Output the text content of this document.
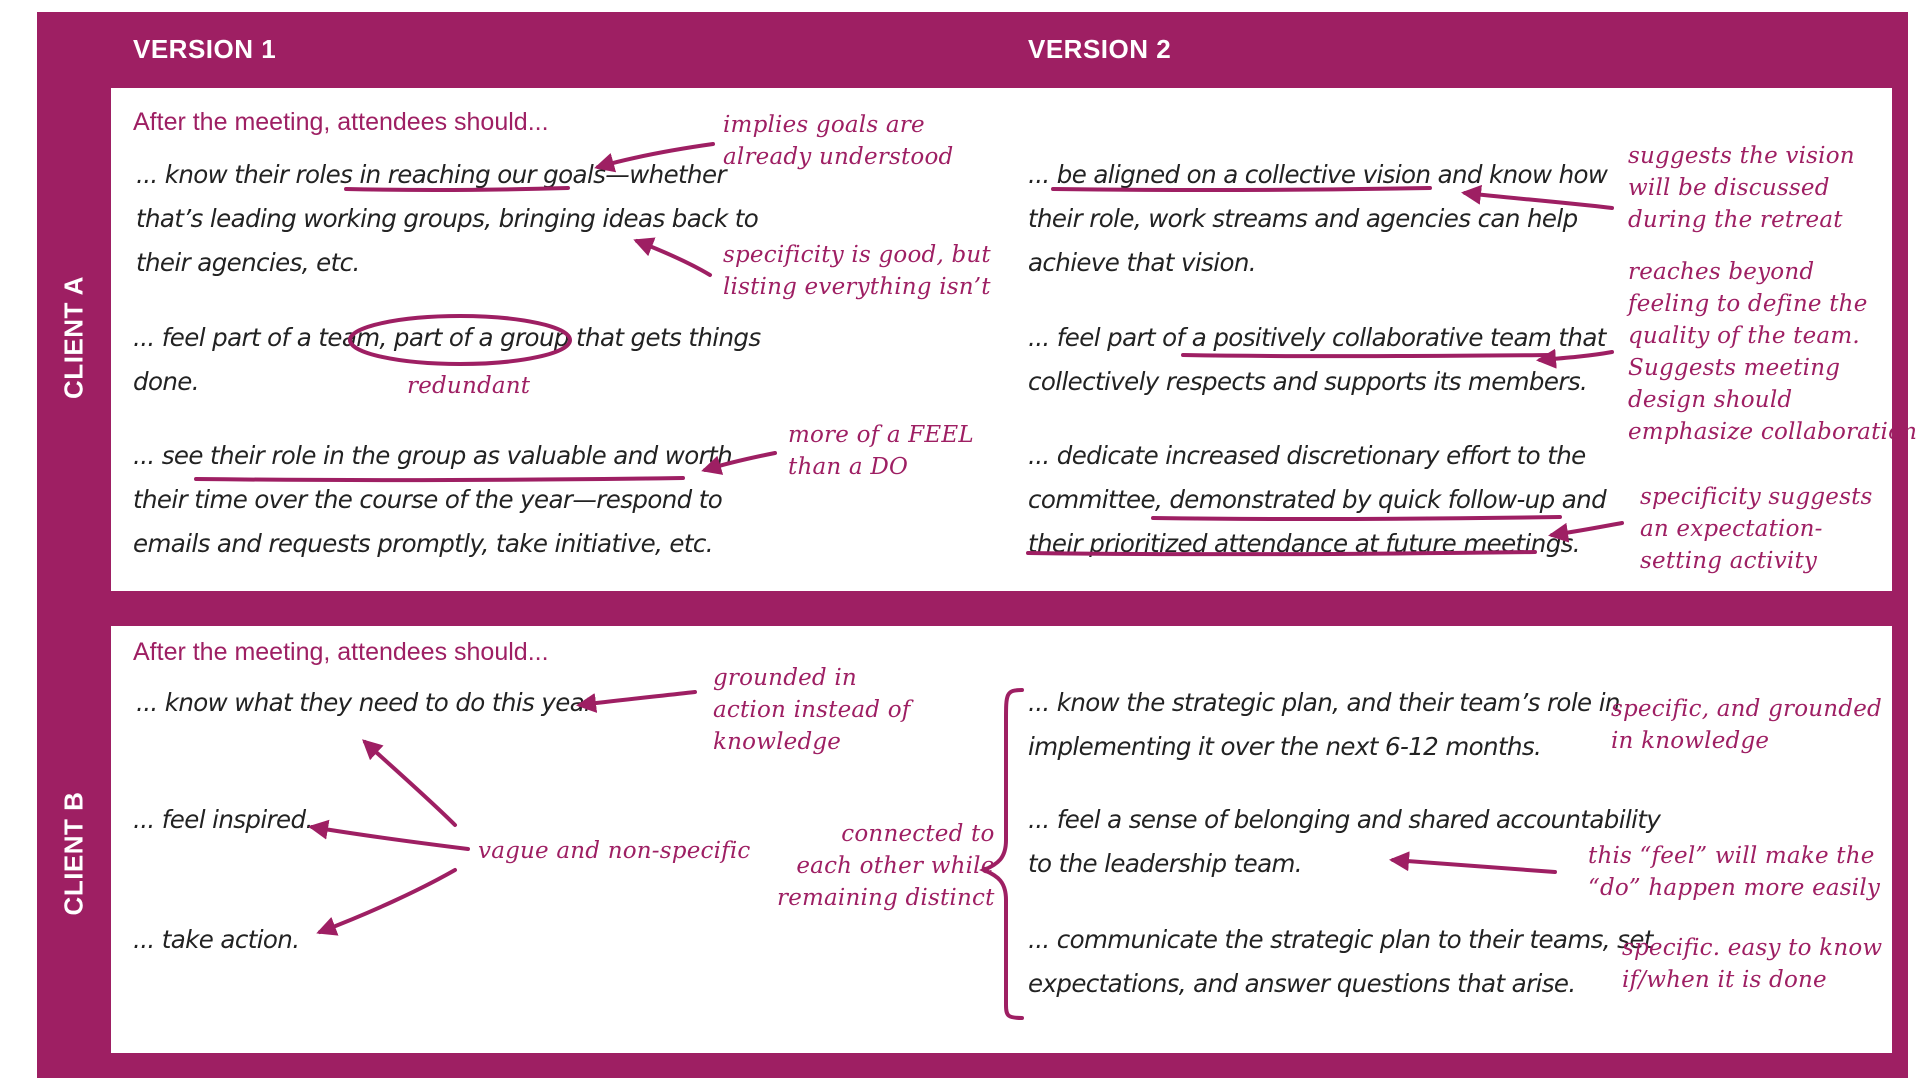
VERSION 1	VERSION 2
CLIENT A
CLIENT B
After the meeting, attendees should...
... know their roles in reaching our goals—whether
that’s leading working groups, bringing ideas back to
their agencies, etc.
... feel part of a team, part of a group that gets things
done.
... see their role in the group as valuable and worth
their time over the course of the year—respond to
emails and requests promptly, take initiative, etc.
... be aligned on a collective vision and know how
their role, work streams and agencies can help
achieve that vision.
... feel part of a positively collaborative team that
collectively respects and supports its members.
... dedicate increased discretionary effort to the
committee, demonstrated by quick follow-up and
their prioritized attendance at future meetings.
implies goals are
already understood
specificity is good, but
listing everything isn’t
redundant
more of a FEEL
than a DO
suggests the vision
will be discussed
during the retreat
reaches beyond
feeling to define the
quality of the team.
Suggests meeting
design should
emphasize collaboration
specificity suggests
an expectation-
setting activity
After the meeting, attendees should...
... know what they need to do this year.
... feel inspired.
... take action.
... know the strategic plan, and their team’s role in
implementing it over the next 6-12 months.
... feel a sense of belonging and shared accountability
to the leadership team.
... communicate the strategic plan to their teams, set
expectations, and answer questions that arise.
grounded in
action instead of
knowledge
vague and non-specific
connected to
each other while
remaining distinct
specific, and grounded
in knowledge
this “feel” will make the
“do” happen more easily
specific. easy to know
if/when it is done
